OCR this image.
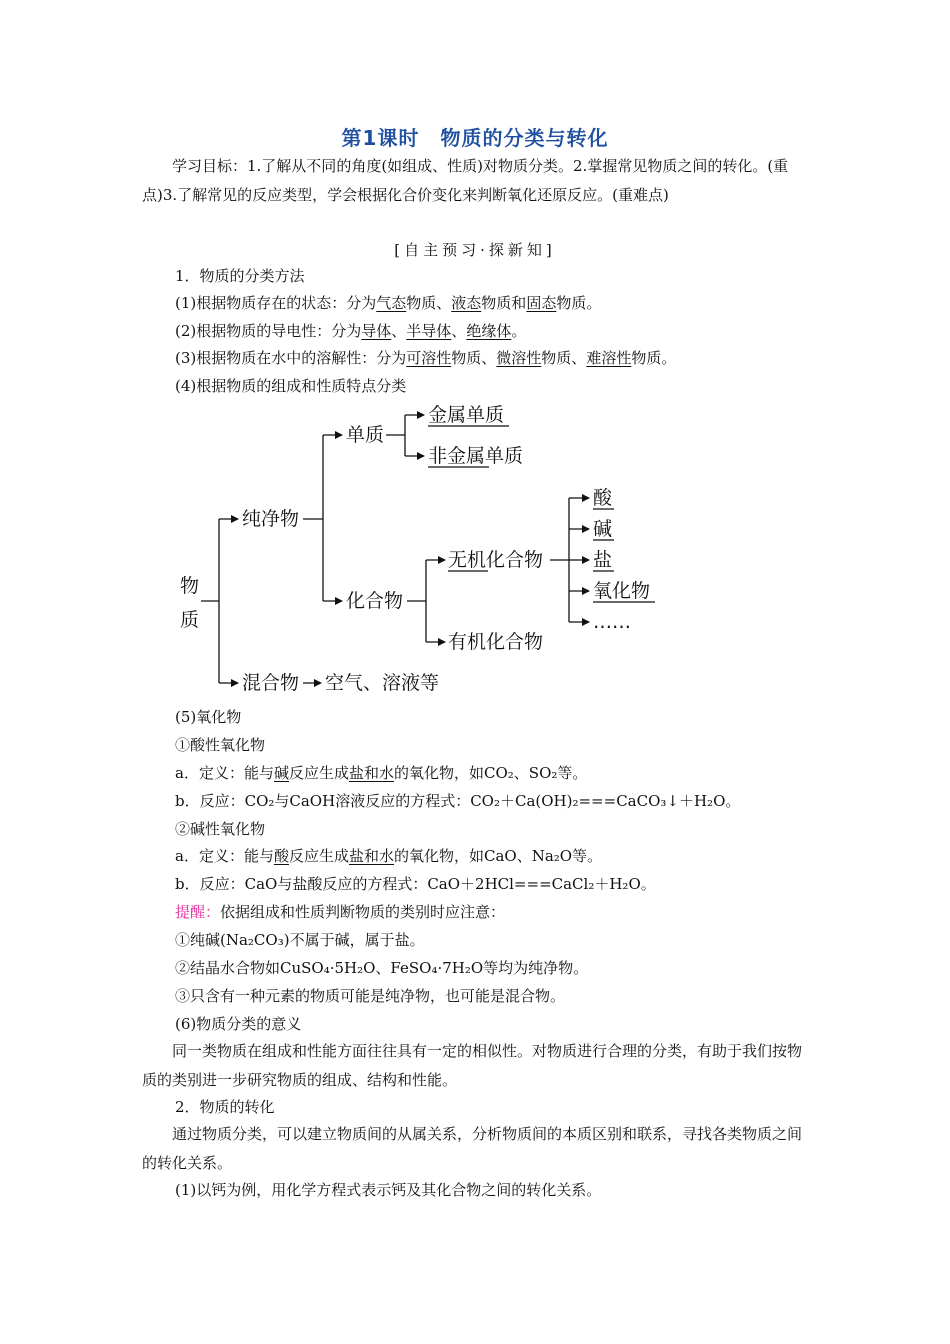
第1课时　物质的分类与转化
学习目标：1.了解从不同的角度(如组成、性质)对物质分类。2.掌握常见物质之间的转化。(重点)3.了解常见的反应类型，学会根据化合价变化来判断氧化还原反应。(重难点)
[自主预习·探新知]
1．物质的分类方法
(1)根据物质存在的状态：分为气态物质、液态物质和固态物质。
(2)根据物质的导电性：分为导体、半导体、绝缘体。
(3)根据物质在水中的溶解性：分为可溶性物质、微溶性物质、难溶性物质。
(4)根据物质的组成和性质特点分类
物
质
纯净物
单质
金属单质
非金属单质
化合物
无机化合物
酸
碱
盐
氧化物
……
有机化合物
混合物 空气、溶液等
(5)氧化物
①酸性氧化物
a．定义：能与碱反应生成盐和水的氧化物，如CO₂、SO₂等。
b．反应：CO₂与CaOH溶液反应的方程式：CO₂＋Ca(OH)₂===CaCO₃↓＋H₂O。
②碱性氧化物
a．定义：能与酸反应生成盐和水的氧化物，如CaO、Na₂O等。
b．反应：CaO与盐酸反应的方程式：CaO＋2HCl===CaCl₂＋H₂O。
提醒：依据组成和性质判断物质的类别时应注意：
①纯碱(Na₂CO₃)不属于碱，属于盐。
②结晶水合物如CuSO₄·5H₂O、FeSO₄·7H₂O等均为纯净物。
③只含有一种元素的物质可能是纯净物，也可能是混合物。
(6)物质分类的意义
同一类物质在组成和性能方面往往具有一定的相似性。对物质进行合理的分类，有助于我们按物质的类别进一步研究物质的组成、结构和性能。
2．物质的转化
通过物质分类，可以建立物质间的从属关系，分析物质间的本质区别和联系，寻找各类物质之间的转化关系。
(1)以钙为例，用化学方程式表示钙及其化合物之间的转化关系。
